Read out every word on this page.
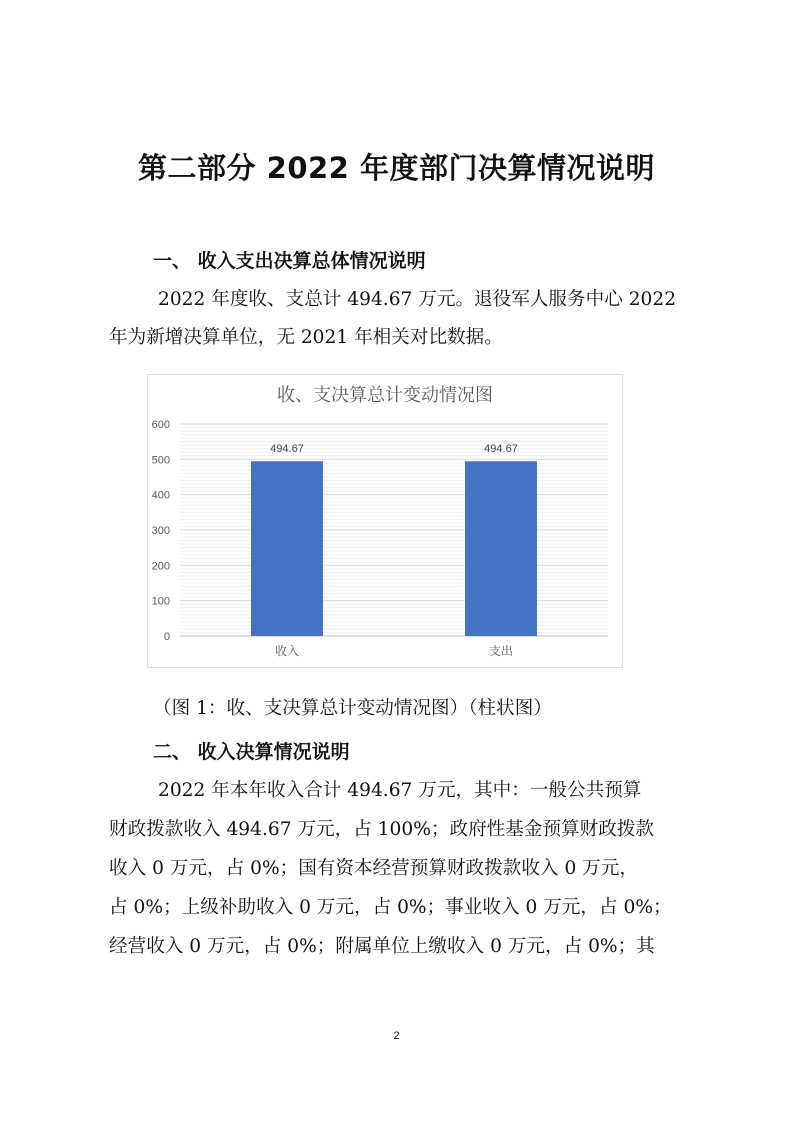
第二部分 2022 年度部门决算情况说明
一、 收入支出决算总体情况说明
2022 年度收、支总计 494.67 万元。退役军人服务中心 2022
年为新增决算单位，无 2021 年相关对比数据。
收、支决算总计变动情况图
0
100
200
300
400
500
600
494.67
收入
494.67
支出
（图 1：收、支决算总计变动情况图）（柱状图）
二、 收入决算情况说明
2022 年本年收入合计 494.67 万元，其中：一般公共预算
财政拨款收入 494.67 万元，占 100%；政府性基金预算财政拨款
收入 0 万元，占 0%；国有资本经营预算财政拨款收入 0 万元，
占 0%；上级补助收入 0 万元，占 0%；事业收入 0 万元，占 0%；
经营收入 0 万元，占 0%；附属单位上缴收入 0 万元，占 0%；其
2
